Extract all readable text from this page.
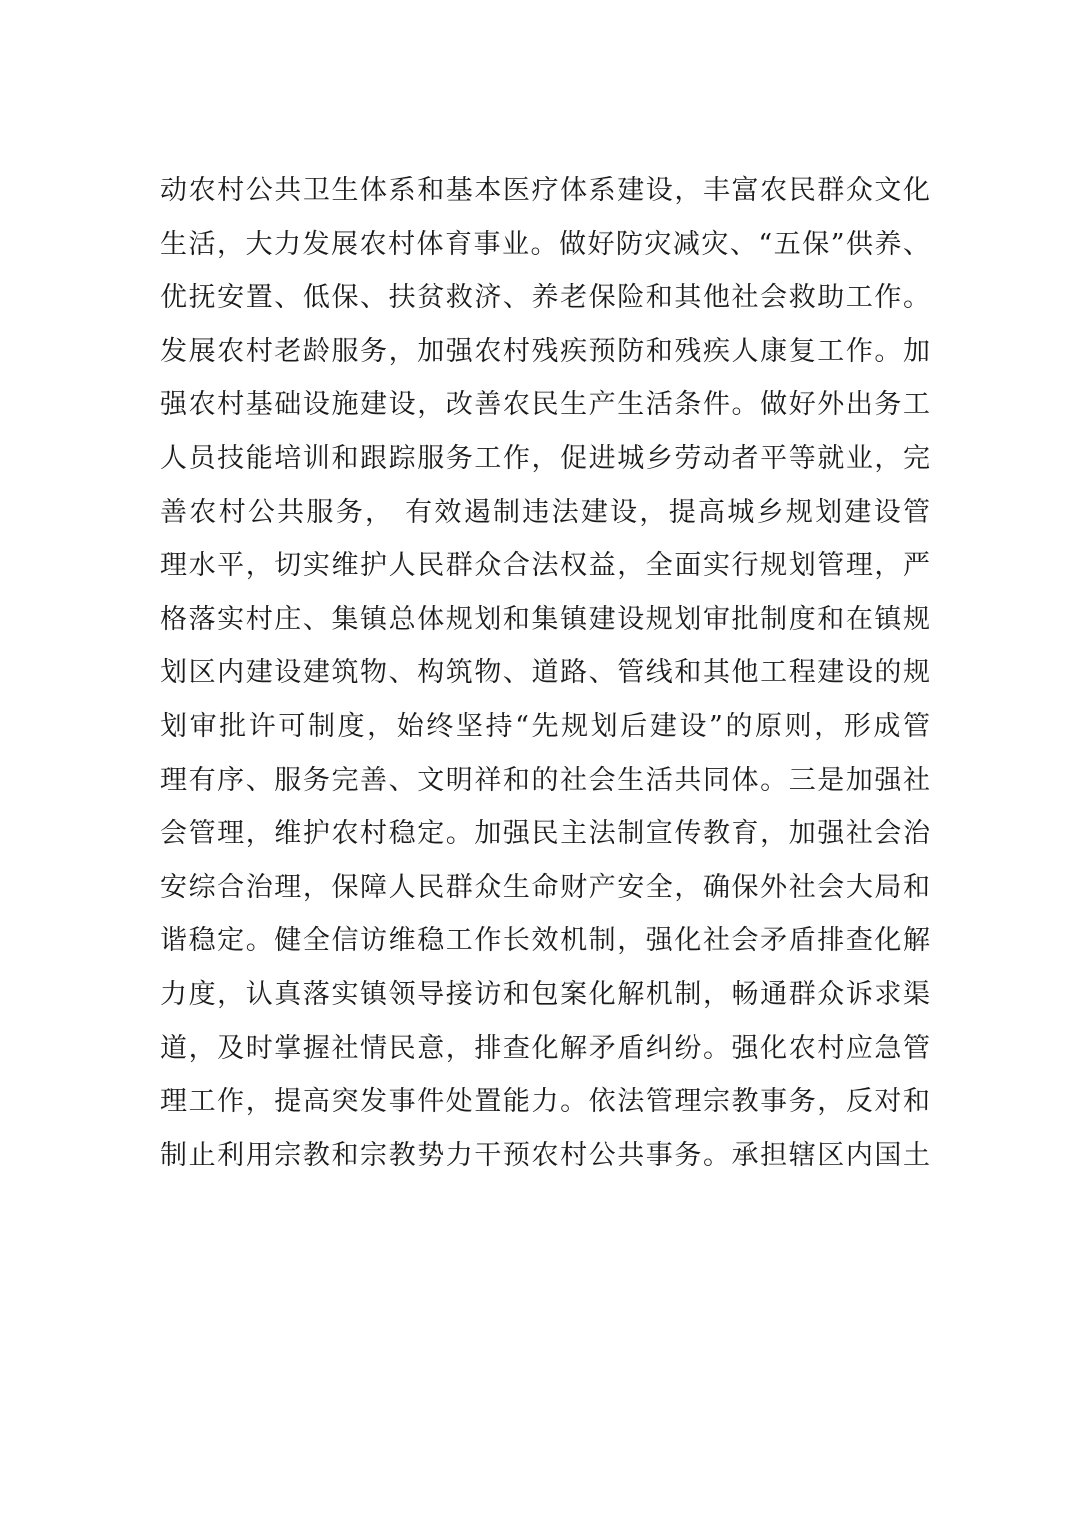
动农村公共卫生体系和基本医疗体系建设，丰富农民群众文化
生活，大力发展农村体育事业。做好防灾减灾、“五保”供养、
优抚安置、低保、扶贫救济、养老保险和其他社会救助工作。
发展农村老龄服务，加强农村残疾预防和残疾人康复工作。加
强农村基础设施建设，改善农民生产生活条件。做好外出务工
人员技能培训和跟踪服务工作，促进城乡劳动者平等就业，完
善农村公共服务， 有效遏制违法建设，提高城乡规划建设管
理水平，切实维护人民群众合法权益，全面实行规划管理，严
格落实村庄、集镇总体规划和集镇建设规划审批制度和在镇规
划区内建设建筑物、构筑物、道路、管线和其他工程建设的规
划审批许可制度，始终坚持“先规划后建设”的原则，形成管
理有序、服务完善、文明祥和的社会生活共同体。三是加强社
会管理，维护农村稳定。加强民主法制宣传教育，加强社会治
安综合治理，保障人民群众生命财产安全，确保外社会大局和
谐稳定。健全信访维稳工作长效机制，强化社会矛盾排查化解
力度，认真落实镇领导接访和包案化解机制，畅通群众诉求渠
道，及时掌握社情民意，排查化解矛盾纠纷。强化农村应急管
理工作，提高突发事件处置能力。依法管理宗教事务，反对和
制止利用宗教和宗教势力干预农村公共事务。承担辖区内国土
